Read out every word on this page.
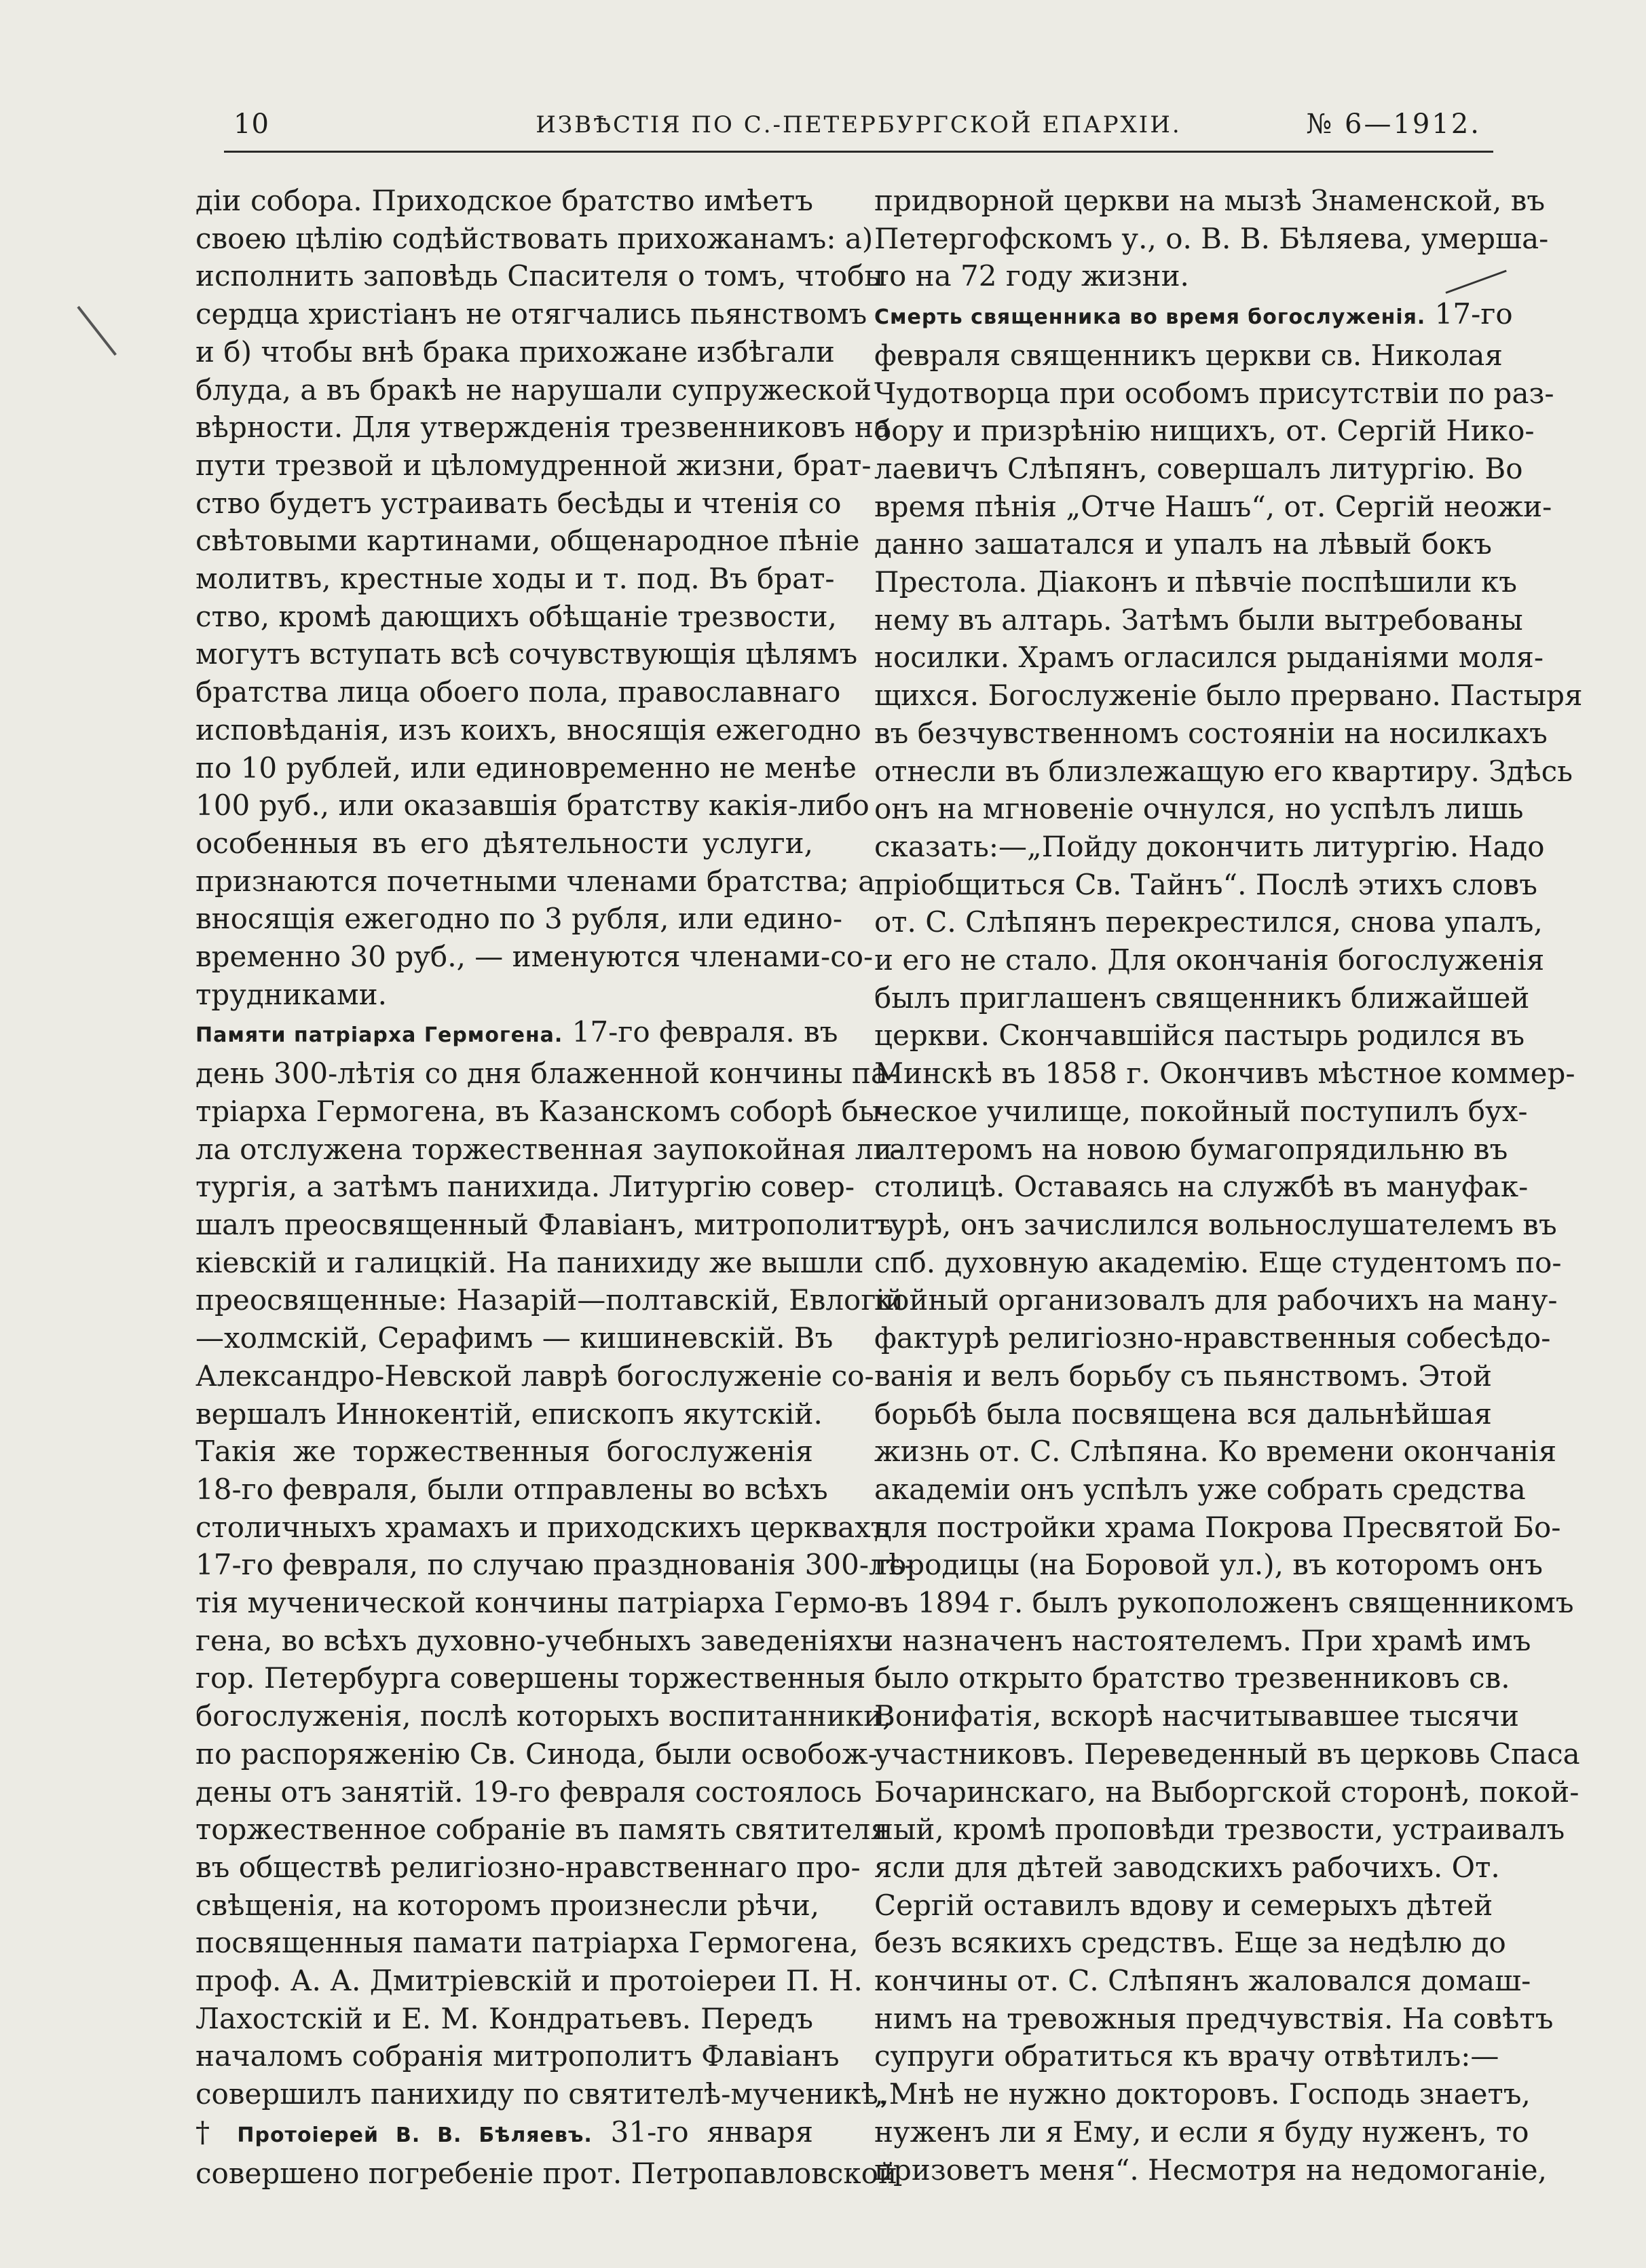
10	ИЗВѢСТІЯ ПО С.-ПЕТЕРБУРГСКОЙ ЕПАРХІИ.	№ 6—1912.

діи собора. Приходское братство имѣетъ

своею цѣлію содѣйствовать прихожанамъ: а)

исполнить заповѣдь Спасителя о томъ, чтобы

сердца христіанъ не отягчались пьянствомъ

и б) чтобы внѣ брака прихожане избѣгали

блуда, а въ бракѣ не нарушали супружеской

вѣрности. Для утвержденія трезвенниковъ на

пути трезвой и цѣломудренной жизни, брат-

ство будетъ устраивать бесѣды и чтенія со

свѣтовыми картинами, общенародное пѣніе

молитвъ, крестные ходы и т. под. Въ брат-

ство, кромѣ дающихъ обѣщаніе трезвости,

могутъ вступать всѣ сочувствующія цѣлямъ

братства лица обоего пола, православнаго

исповѣданія, изъ коихъ, вносящія ежегодно

по 10 рублей, или единовременно не менѣе

100 руб., или оказавшія братству какія-либо

особенныя въ его дѣятельности услуги,

признаются почетными членами братства; а

вносящія ежегодно по 3 рубля, или едино-

временно 30 руб., — именуются членами-со-

трудниками.

Памяти патріарха Гермогена. 17-го февраля. въ

день 300-лѣтія со дня блаженной кончины па-

тріарха Гермогена, въ Казанскомъ соборѣ бы-

ла отслужена торжественная заупокойная ли-

тургія, а затѣмъ панихида. Литургію совер-

шалъ преосвященный Флавіанъ, митрополитъ

кіевскій и галицкій. На панихиду же вышли

преосвященные: Назарій—полтавскій, Евлогій

—холмскій, Серафимъ — кишиневскій. Въ

Александро-Невской лаврѣ богослуженіе со-

вершалъ Иннокентій, епископъ якутскій.

Такія же торжественныя богослуженія

18-го февраля, были отправлены во всѣхъ

столичныхъ храмахъ и приходскихъ церквахъ

17-го февраля, по случаю празднованія 300-лѣ-

тія мученической кончины патріарха Гермо-

гена, во всѣхъ духовно-учебныхъ заведеніяхъ

гор. Петербурга совершены торжественныя

богослуженія, послѣ которыхъ воспитанники,

по распоряженію Св. Синода, были освобож-

дены отъ занятій. 19-го февраля состоялось

торжественное собраніе въ память святителя

въ обществѣ религіозно-нравственнаго про-

свѣщенія, на которомъ произнесли рѣчи,

посвященныя памати патріарха Гермогена,

проф. А. А. Дмитріевскій и протоіереи П. Н.

Лахостскій и Е. М. Кондратьевъ. Передъ

началомъ собранія митрополитъ Флавіанъ

совершилъ панихиду по святителѣ-мученикѣ.

† Протоіерей В. В. Бѣляевъ. 31-го января

совершено погребеніе прот. Петропавловской

придворной церкви на мызѣ Знаменской, въ

Петергофскомъ у., о. В. В. Бѣляева, умерша-

го на 72 году жизни.

Смерть священника во время богослуженія. 17-го

февраля священникъ церкви св. Николая

Чудотворца при особомъ присутствіи по раз-

бору и призрѣнію нищихъ, от. Сергій Нико-

лаевичъ Слѣпянъ, совершалъ литургію. Во

время пѣнія „Отче Нашъ“, от. Сергій неожи-

данно зашатался и упалъ на лѣвый бокъ

Престола. Діаконъ и пѣвчіе поспѣшили къ

нему въ алтарь. Затѣмъ были вытребованы

носилки. Храмъ огласился рыданіями моля-

щихся. Богослуженіе было прервано. Пастыря

въ безчувственномъ состояніи на носилкахъ

отнесли въ близлежащую его квартиру. Здѣсь

онъ на мгновеніе очнулся, но успѣлъ лишь

сказать:—„Пойду докончить литургію. Надо

пріобщиться Св. Тайнъ“. Послѣ этихъ словъ

от. С. Слѣпянъ перекрестился, снова упалъ,

и его не стало. Для окончанія богослуженія

былъ приглашенъ священникъ ближайшей

церкви. Скончавшійся пастырь родился въ

Минскѣ въ 1858 г. Окончивъ мѣстное коммер-

ческое училище, покойный поступилъ бух-

галтеромъ на новою бумагопрядильню въ

столицѣ. Оставаясь на службѣ въ мануфак-

турѣ, онъ зачислился вольнослушателемъ въ

спб. духовную академію. Еще студентомъ по-

койный организовалъ для рабочихъ на ману-

фактурѣ религіозно-нравственныя собесѣдо-

ванія и велъ борьбу съ пьянствомъ. Этой

борьбѣ была посвящена вся дальнѣйшая

жизнь от. С. Слѣпяна. Ко времени окончанія

академіи онъ успѣлъ уже собрать средства

для постройки храма Покрова Пресвятой Бо-

городицы (на Боровой ул.), въ которомъ онъ

въ 1894 г. былъ рукоположенъ священникомъ

и назначенъ настоятелемъ. При храмѣ имъ

было открыто братство трезвенниковъ св.

Вонифатія, вскорѣ насчитывавшее тысячи

участниковъ. Переведенный въ церковь Спаса

Бочаринскаго, на Выборгской сторонѣ, покой-

ный, кромѣ проповѣди трезвости, устраивалъ

ясли для дѣтей заводскихъ рабочихъ. От.

Сергій оставилъ вдову и семерыхъ дѣтей

безъ всякихъ средствъ. Еще за недѣлю до

кончины от. С. Слѣпянъ жаловался домаш-

нимъ на тревожныя предчувствія. На совѣтъ

супруги обратиться къ врачу отвѣтилъ:—

„Мнѣ не нужно докторовъ. Господь знаетъ,

нуженъ ли я Ему, и если я буду нуженъ, то

призоветъ меня“. Несмотря на недомоганіе,
